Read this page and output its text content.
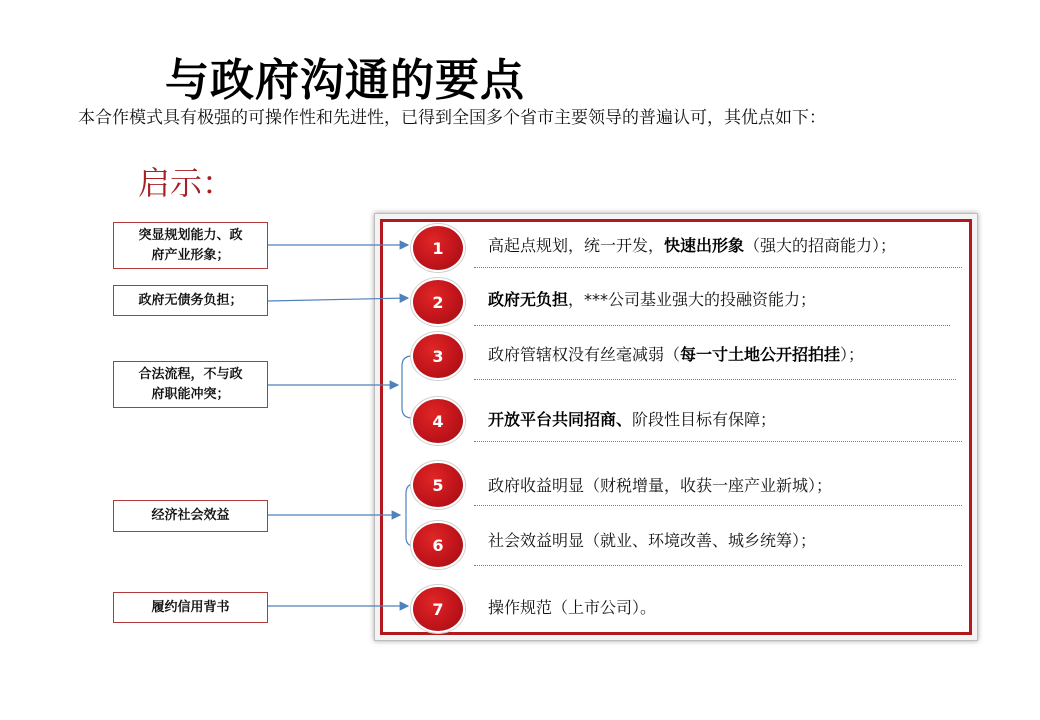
与政府沟通的要点
本合作模式具有极强的可操作性和先进性，已得到全国多个省市主要领导的普遍认可，其优点如下：
启示：
突显规划能力、政
府产业形象；
政府无债务负担；
合法流程，不与政
府职能冲突；
经济社会效益
履约信用背书
1
2
3
4
5
6
7
高起点规划，统一开发，快速出形象（强大的招商能力）；
政府无负担，***公司基业强大的投融资能力；
政府管辖权没有丝毫减弱（每一寸土地公开招拍挂）；
开放平台共同招商、阶段性目标有保障；
政府收益明显（财税增量，收获一座产业新城）；
社会效益明显（就业、环境改善、城乡统筹）；
操作规范（上市公司）。
